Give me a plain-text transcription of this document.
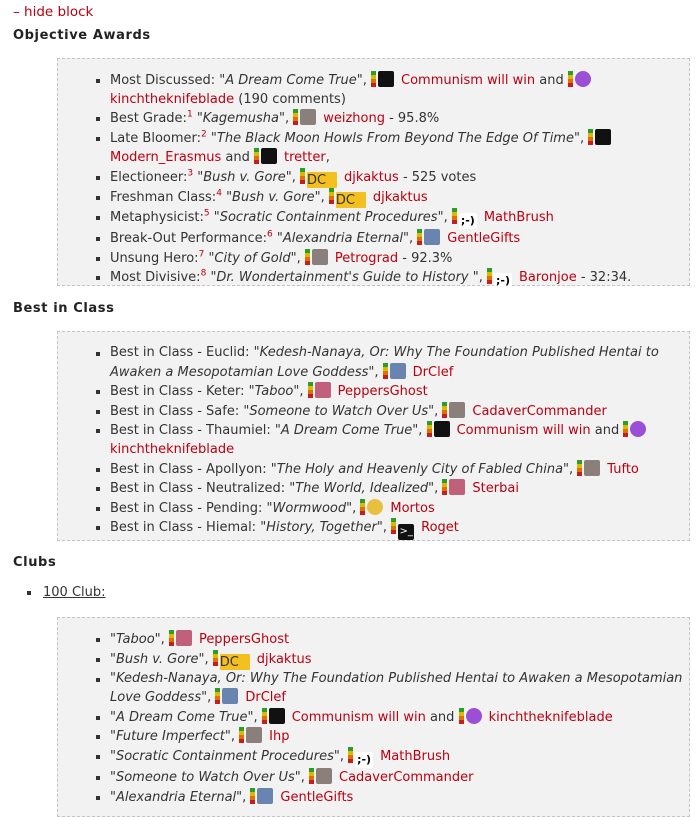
– hide block
Objective Awards
Most Discussed: "A Dream Come True", Communism will win and kinchtheknifeblade (190 comments)
Best Grade:$^1$ "Kagemusha", weizhong - 95.8%
Late Bloomer:$^2$ "The Black Moon Howls From Beyond The Edge Of Time", Modern_Erasmus and tretter,
Electioneer:$^3$ "Bush v. Gore", DC djkaktus - 525 votes
Freshman Class:$^4$ "Bush v. Gore", DC djkaktus
Metaphysicist:$^5$ "Socratic Containment Procedures", ;-) MathBrush
Break-Out Performance:$^6$ "Alexandria Eternal", GentleGifts
Unsung Hero:$^7$ "City of Gold", Petrograd - 92.3%
Most Divisive:$^8$ "Dr. Wondertainment's Guide to History ", ;-) Baronjoe - 32:34.
Best in Class
Best in Class - Euclid: "Kedesh-Nanaya, Or: Why The Foundation Published Hentai to Awaken a Mesopotamian Love Goddess", DrClef
Best in Class - Keter: "Taboo", PeppersGhost
Best in Class - Safe: "Someone to Watch Over Us", CadaverCommander
Best in Class - Thaumiel: "A Dream Come True", Communism will win and kinchtheknifeblade
Best in Class - Apollyon: "The Holy and Heavenly City of Fabled China", Tufto
Best in Class - Neutralized: "The World, Idealized", Sterbai
Best in Class - Pending: "Wormwood", Mortos
Best in Class - Hiemal: "History, Together", >_ Roget
Clubs
100 Club:
"Taboo", PeppersGhost
"Bush v. Gore", DC djkaktus
"Kedesh-Nanaya, Or: Why The Foundation Published Hentai to Awaken a Mesopotamian Love Goddess", DrClef
"A Dream Come True", Communism will win and kinchtheknifeblade
"Future Imperfect", Ihp
"Socratic Containment Procedures", ;-) MathBrush
"Someone to Watch Over Us", CadaverCommander
"Alexandria Eternal", GentleGifts
